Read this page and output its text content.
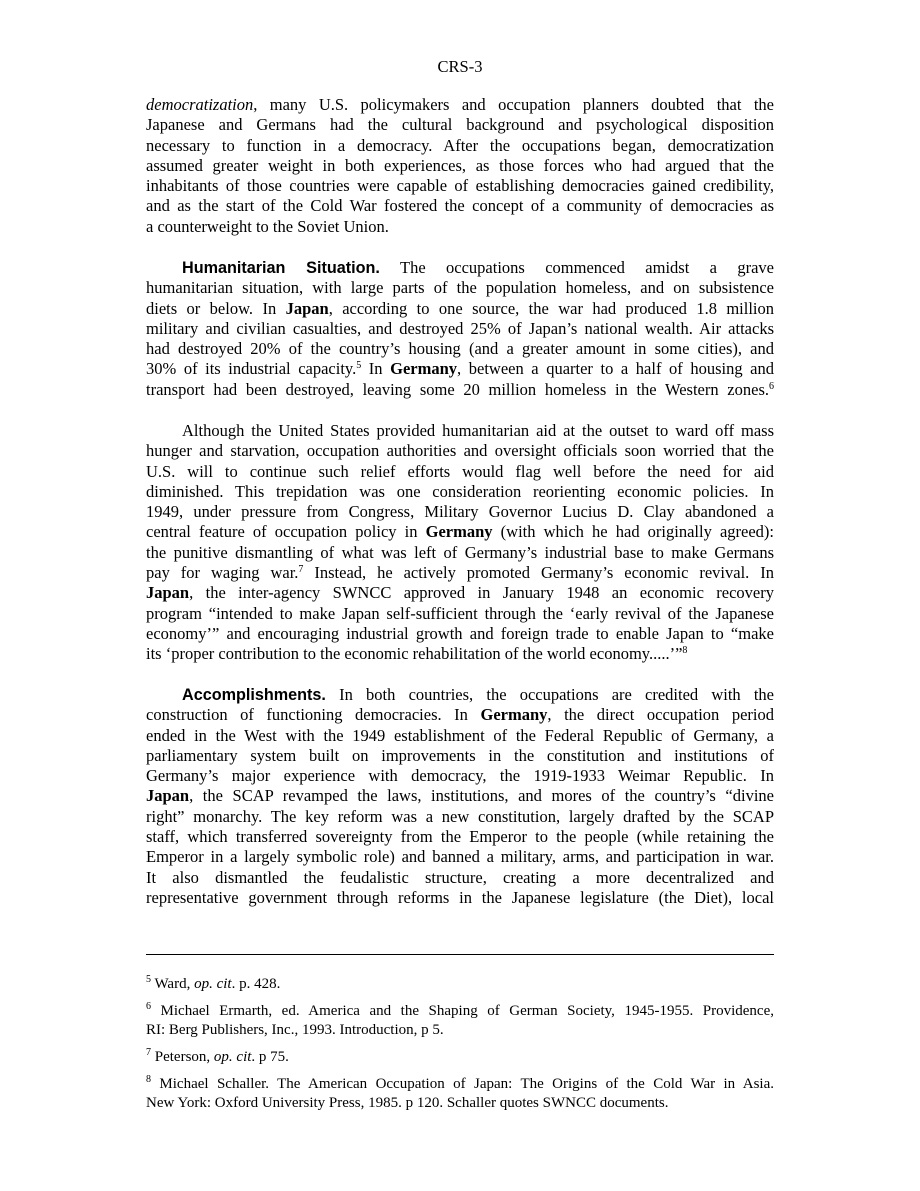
CRS-3
democratization, many U.S. policymakers and occupation planners doubted that the
Japanese and Germans had the cultural background and psychological disposition
necessary to function in a democracy. After the occupations began, democratization
assumed greater weight in both experiences, as those forces who had argued that the
inhabitants of those countries were capable of establishing democracies gained credibility,
and as the start of the Cold War fostered the concept of a community of democracies as
a counterweight to the Soviet Union.
Humanitarian Situation. The occupations commenced amidst a grave
humanitarian situation, with large parts of the population homeless, and on subsistence
diets or below. In Japan, according to one source, the war had produced 1.8 million
military and civilian casualties, and destroyed 25% of Japan’s national wealth. Air attacks
had destroyed 20% of the country’s housing (and a greater amount in some cities), and
30% of its industrial capacity.$^5$ In Germany, between a quarter to a half of housing and
transport had been destroyed, leaving some 20 million homeless in the Western zones.$^6$
Although the United States provided humanitarian aid at the outset to ward off mass
hunger and starvation, occupation authorities and oversight officials soon worried that the
U.S. will to continue such relief efforts would flag well before the need for aid
diminished. This trepidation was one consideration reorienting economic policies. In
1949, under pressure from Congress, Military Governor Lucius D. Clay abandoned a
central feature of occupation policy in Germany (with which he had originally agreed):
the punitive dismantling of what was left of Germany’s industrial base to make Germans
pay for waging war.$^7$ Instead, he actively promoted Germany’s economic revival. In
Japan, the inter-agency SWNCC approved in January 1948 an economic recovery
program “intended to make Japan self-sufficient through the ‘early revival of the Japanese
economy’” and encouraging industrial growth and foreign trade to enable Japan to “make
its ‘proper contribution to the economic rehabilitation of the world economy.....’”$^8$
Accomplishments. In both countries, the occupations are credited with the
construction of functioning democracies. In Germany, the direct occupation period
ended in the West with the 1949 establishment of the Federal Republic of Germany, a
parliamentary system built on improvements in the constitution and institutions of
Germany’s major experience with democracy, the 1919-1933 Weimar Republic. In
Japan, the SCAP revamped the laws, institutions, and mores of the country’s “divine
right” monarchy. The key reform was a new constitution, largely drafted by the SCAP
staff, which transferred sovereignty from the Emperor to the people (while retaining the
Emperor in a largely symbolic role) and banned a military, arms, and participation in war.
It also dismantled the feudalistic structure, creating a more decentralized and
representative government through reforms in the Japanese legislature (the Diet), local
$^5$ Ward, op. cit. p. 428.
$^6$ Michael Ermarth, ed. America and the Shaping of German Society, 1945-1955. Providence,
RI: Berg Publishers, Inc., 1993. Introduction, p 5.
$^7$ Peterson, op. cit. p 75.
$^8$ Michael Schaller. The American Occupation of Japan: The Origins of the Cold War in Asia.
New York: Oxford University Press, 1985. p 120. Schaller quotes SWNCC documents.
